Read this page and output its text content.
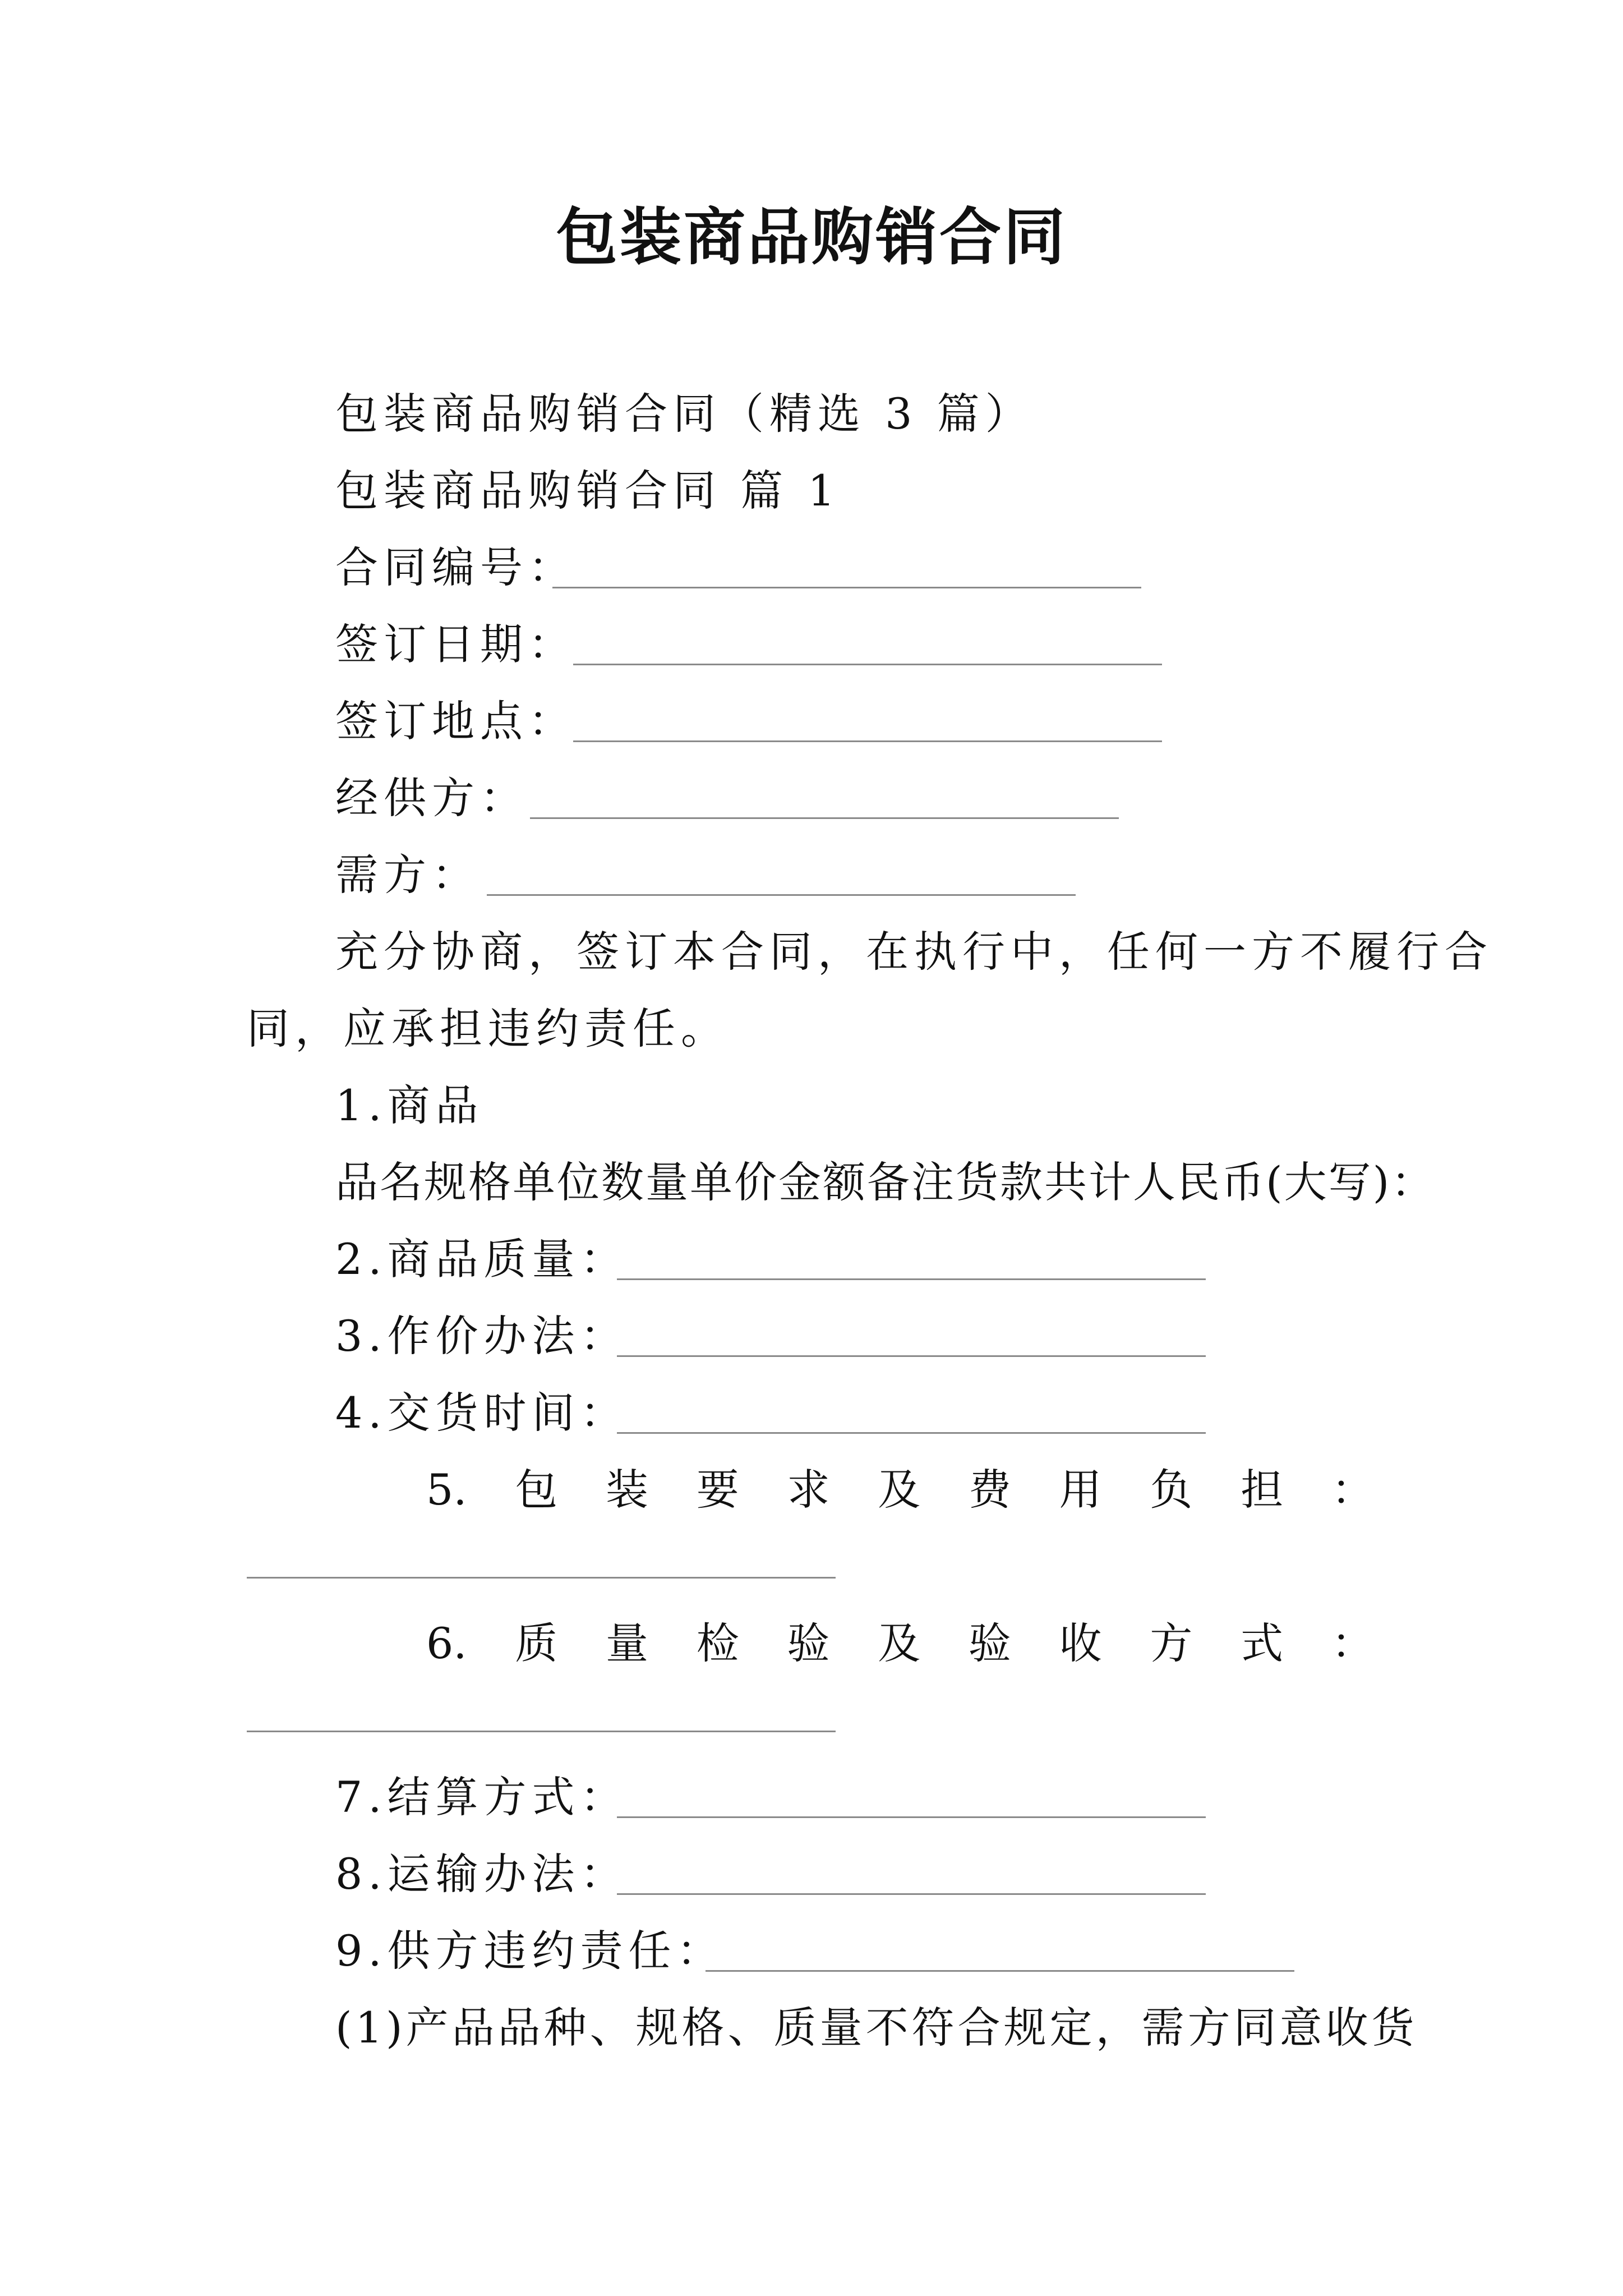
包装商品购销合同
包装商品购销合同（精选 3 篇）
包装商品购销合同 篇 1
合同编号：
签订日期：
签订地点：
经供方：
需方：
充分协商，签订本合同，在执行中，任何一方不履行合
同，应承担违约责任。
1.商品
品名规格单位数量单价金额备注货款共计人民币(大写)：
2.商品质量：
3.作价办法：
4.交货时间：
5. 包 装 要 求 及 费 用 负 担 ：
6. 质 量 检 验 及 验 收 方 式 ：
7.结算方式：
8.运输办法：
9.供方违约责任：
(1)产品品种、规格、质量不符合规定，需方同意收货
